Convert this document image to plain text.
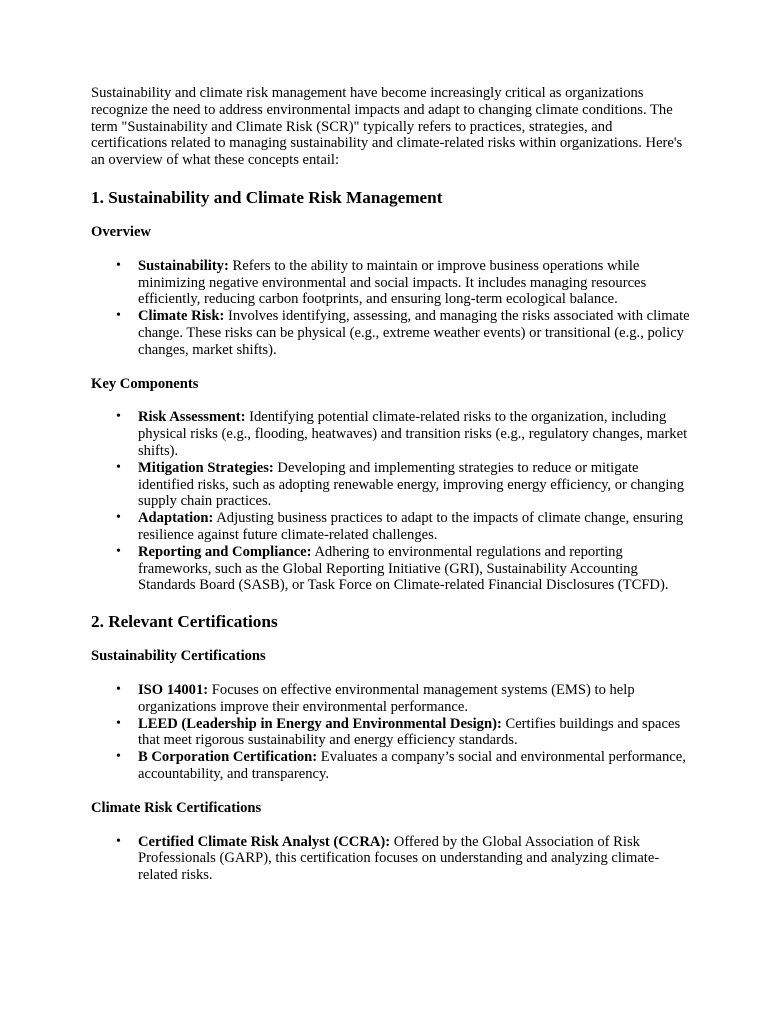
Sustainability and climate risk management have become increasingly critical as organizations recognize the need to address environmental impacts and adapt to changing climate conditions. The term "Sustainability and Climate Risk (SCR)" typically refers to practices, strategies, and certifications related to managing sustainability and climate-related risks within organizations. Here's an overview of what these concepts entail:

1. Sustainability and Climate Risk Management
Overview
• Sustainability: Refers to the ability to maintain or improve business operations while minimizing negative environmental and social impacts. It includes managing resources efficiently, reducing carbon footprints, and ensuring long-term ecological balance.
• Climate Risk: Involves identifying, assessing, and managing the risks associated with climate change. These risks can be physical (e.g., extreme weather events) or transitional (e.g., policy changes, market shifts).
Key Components
• Risk Assessment: Identifying potential climate-related risks to the organization, including physical risks (e.g., flooding, heatwaves) and transition risks (e.g., regulatory changes, market shifts).
• Mitigation Strategies: Developing and implementing strategies to reduce or mitigate identified risks, such as adopting renewable energy, improving energy efficiency, or changing supply chain practices.
• Adaptation: Adjusting business practices to adapt to the impacts of climate change, ensuring resilience against future climate-related challenges.
• Reporting and Compliance: Adhering to environmental regulations and reporting frameworks, such as the Global Reporting Initiative (GRI), Sustainability Accounting Standards Board (SASB), or Task Force on Climate-related Financial Disclosures (TCFD).
2. Relevant Certifications
Sustainability Certifications
• ISO 14001: Focuses on effective environmental management systems (EMS) to help organizations improve their environmental performance.
• LEED (Leadership in Energy and Environmental Design): Certifies buildings and spaces that meet rigorous sustainability and energy efficiency standards.
• B Corporation Certification: Evaluates a company’s social and environmental performance, accountability, and transparency.
Climate Risk Certifications
• Certified Climate Risk Analyst (CCRA): Offered by the Global Association of Risk Professionals (GARP), this certification focuses on understanding and analyzing climate-related risks.
